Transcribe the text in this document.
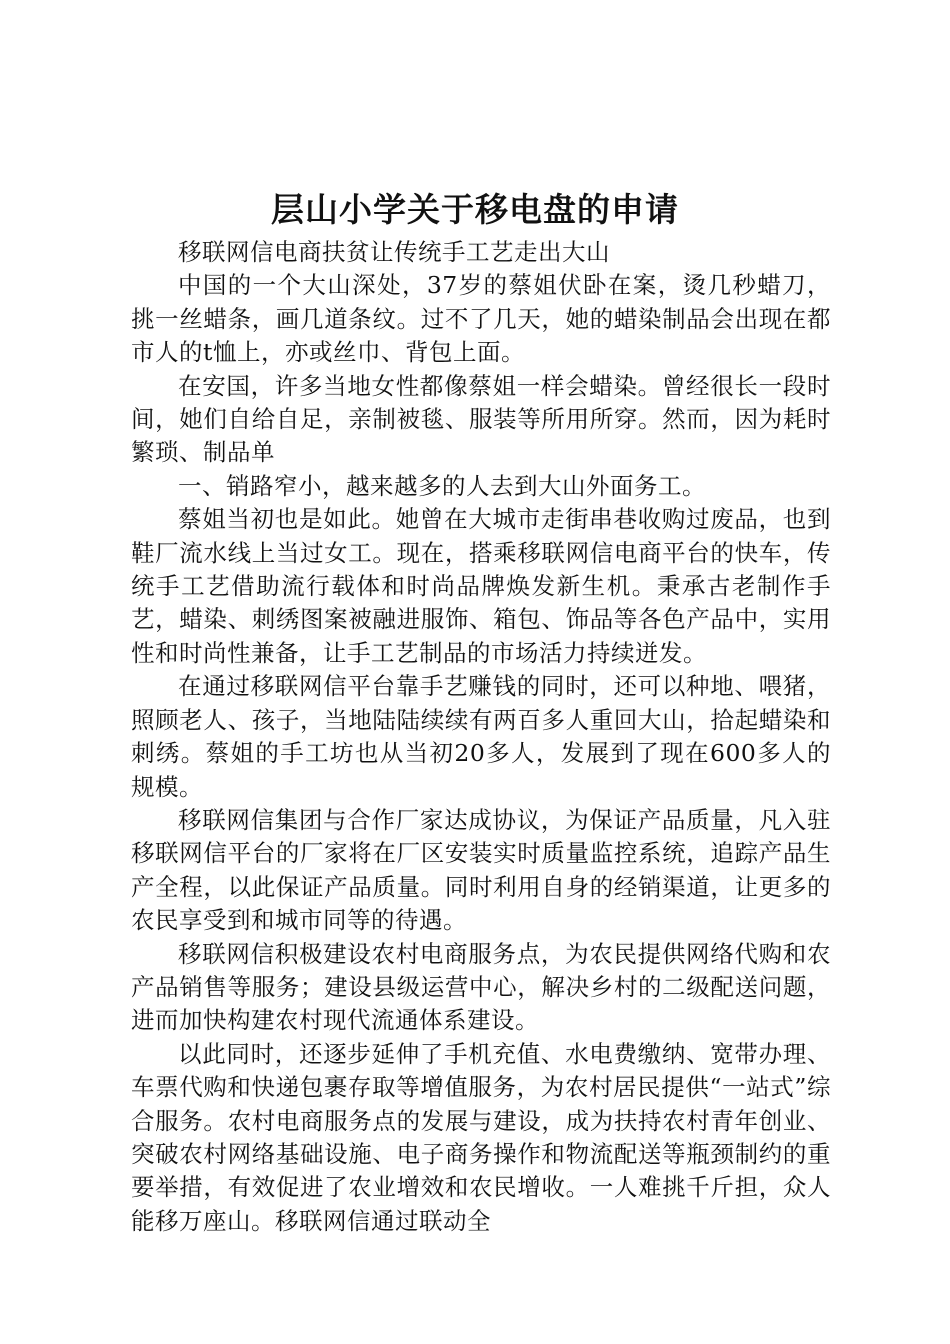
层山小学关于移电盘的申请

移联网信电商扶贫让传统手工艺走出大山

中国的一个大山深处，37岁的蔡姐伏卧在案，烫几秒蜡刀，挑一丝蜡条，画几道条纹。过不了几天，她的蜡染制品会出现在都市人的t恤上，亦或丝巾、背包上面。

在安国，许多当地女性都像蔡姐一样会蜡染。曾经很长一段时间，她们自给自足，亲制被毯、服装等所用所穿。然而，因为耗时繁琐、制品单

一、销路窄小，越来越多的人去到大山外面务工。

蔡姐当初也是如此。她曾在大城市走街串巷收购过废品，也到鞋厂流水线上当过女工。现在，搭乘移联网信电商平台的快车，传统手工艺借助流行载体和时尚品牌焕发新生机。秉承古老制作手艺，蜡染、刺绣图案被融进服饰、箱包、饰品等各色产品中，实用性和时尚性兼备，让手工艺制品的市场活力持续迸发。

在通过移联网信平台靠手艺赚钱的同时，还可以种地、喂猪，照顾老人、孩子，当地陆陆续续有两百多人重回大山，拾起蜡染和刺绣。蔡姐的手工坊也从当初20多人，发展到了现在600多人的规模。

移联网信集团与合作厂家达成协议，为保证产品质量，凡入驻移联网信平台的厂家将在厂区安装实时质量监控系统，追踪产品生产全程，以此保证产品质量。同时利用自身的经销渠道，让更多的农民享受到和城市同等的待遇。

移联网信积极建设农村电商服务点，为农民提供网络代购和农产品销售等服务；建设县级运营中心，解决乡村的二级配送问题，进而加快构建农村现代流通体系建设。

以此同时，还逐步延伸了手机充值、水电费缴纳、宽带办理、车票代购和快递包裹存取等增值服务，为农村居民提供“一站式”综合服务。农村电商服务点的发展与建设，成为扶持农村青年创业、突破农村网络基础设施、电子商务操作和物流配送等瓶颈制约的重要举措，有效促进了农业增效和农民增收。一人难挑千斤担，众人能移万座山。移联网信通过联动全
